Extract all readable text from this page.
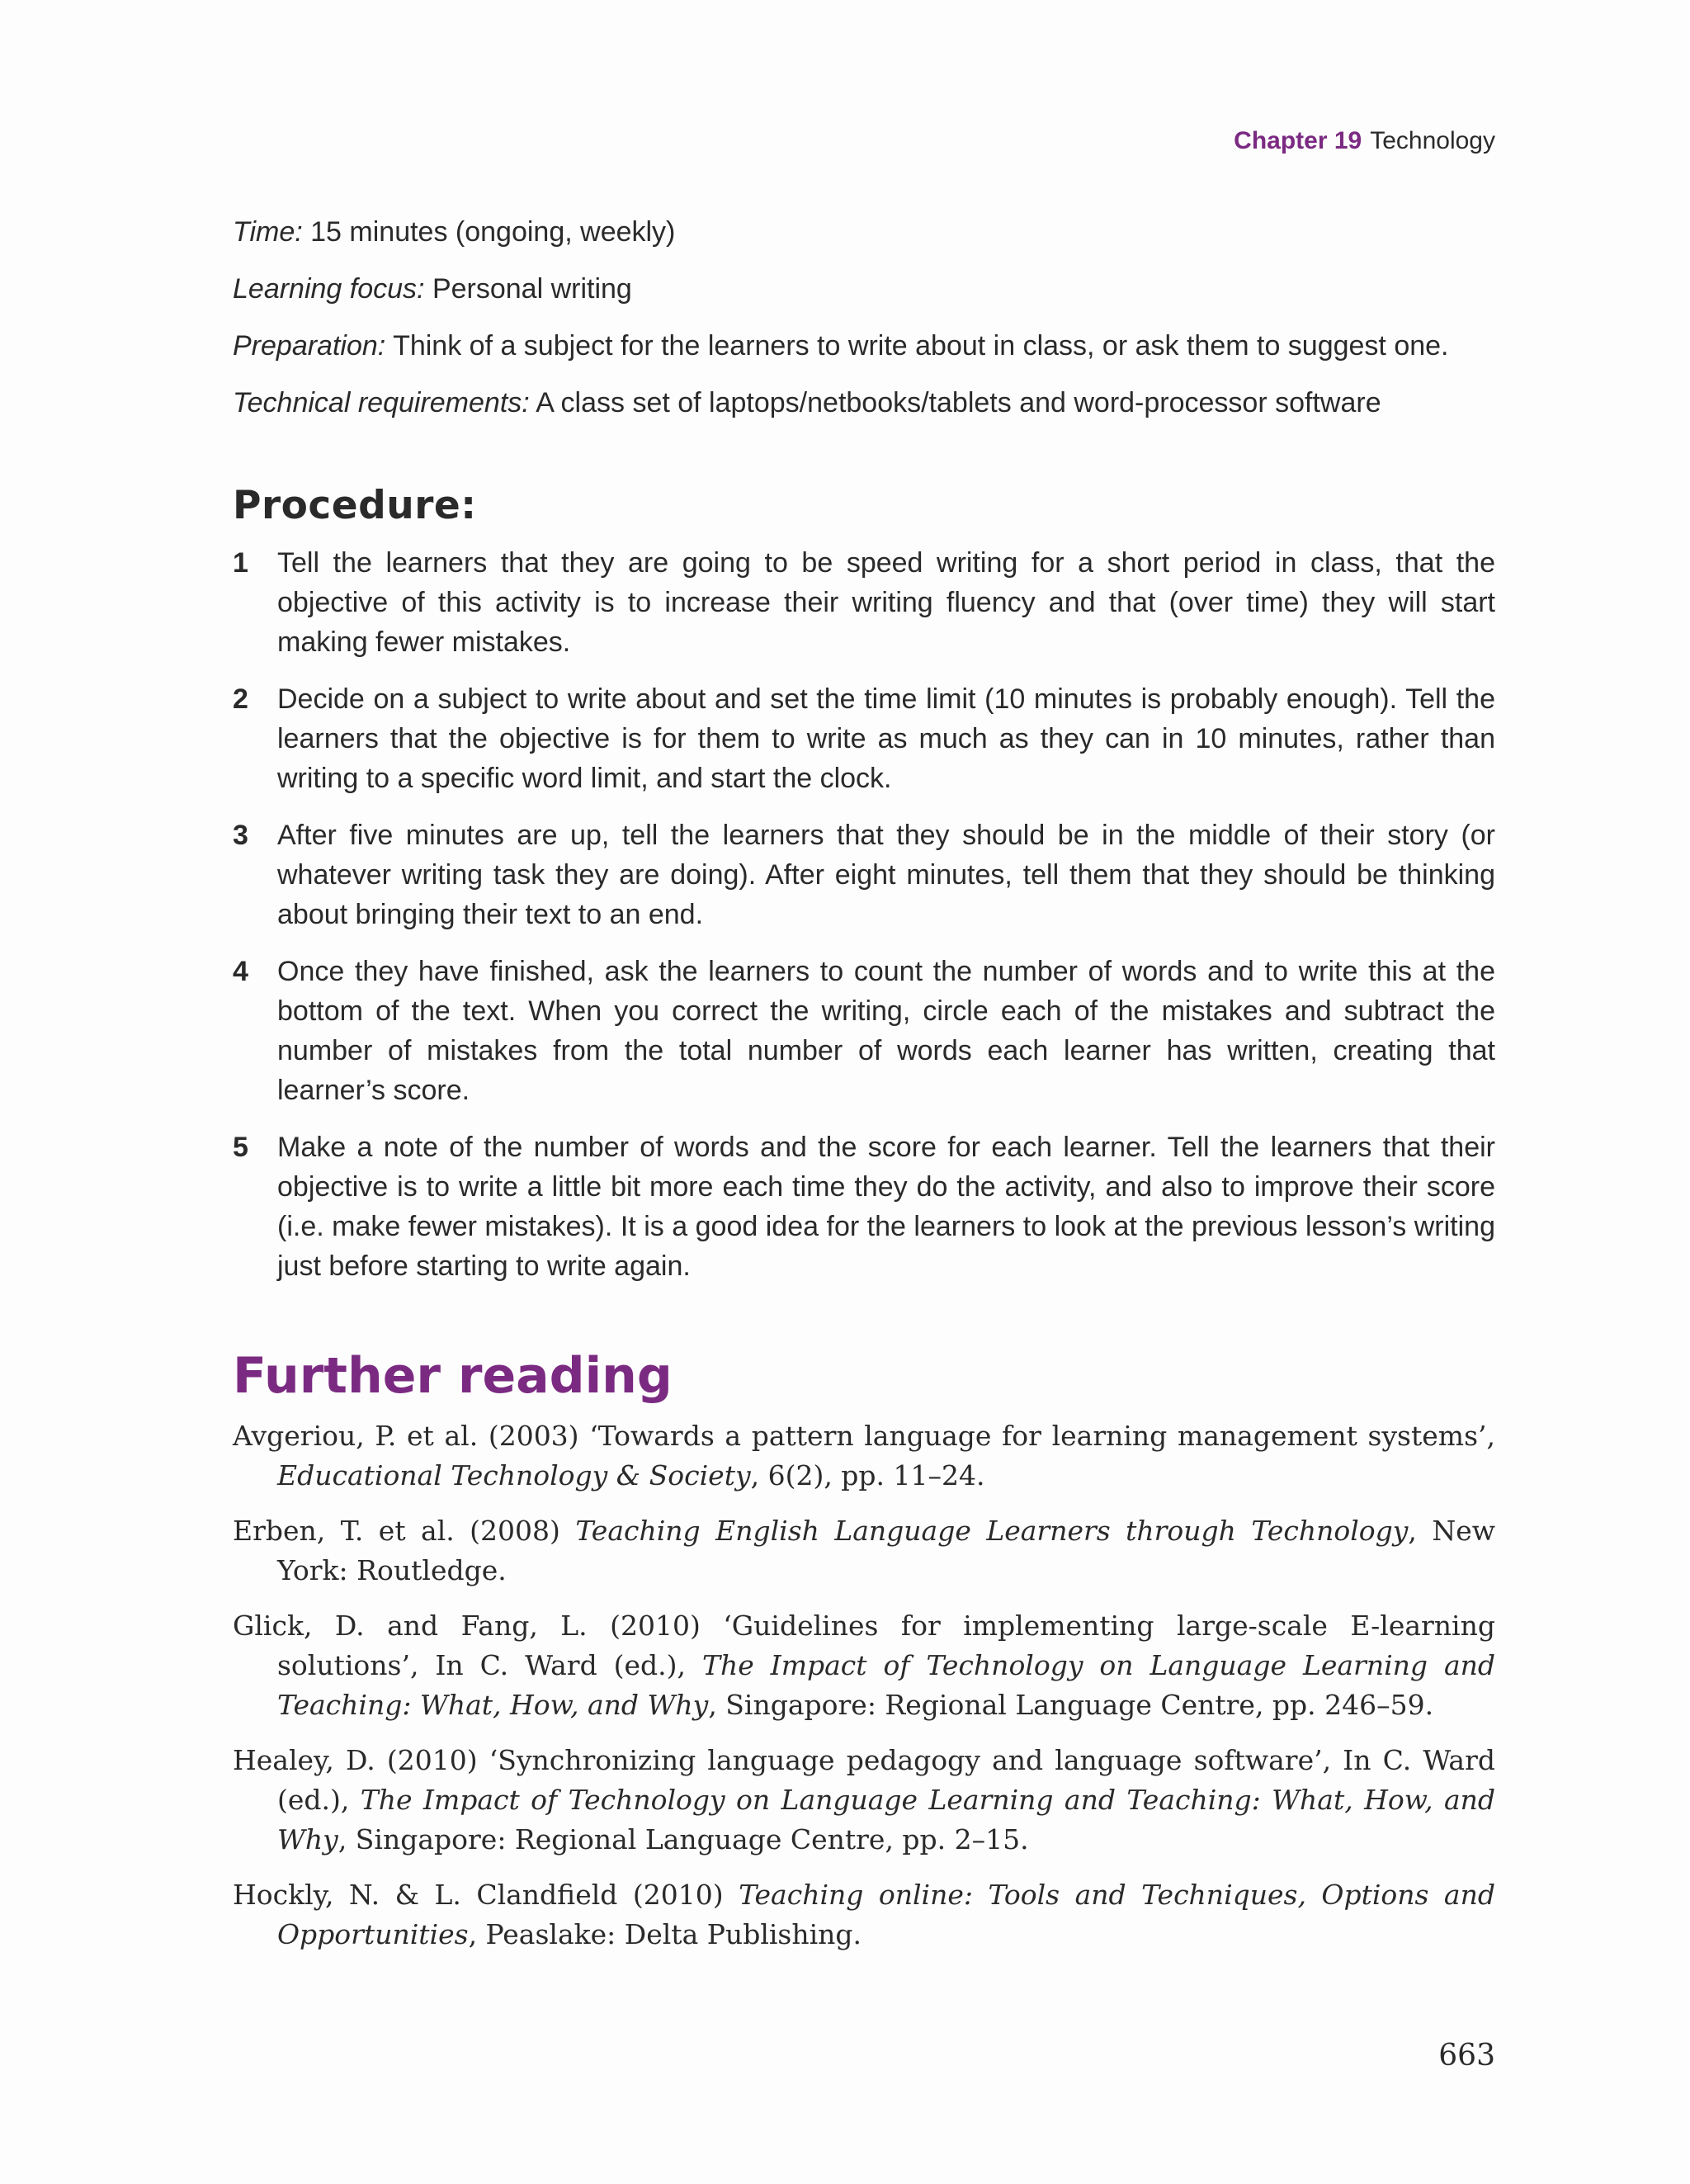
Chapter 19 Technology

Time: 15 minutes (ongoing, weekly)

Learning focus: Personal writing

Preparation: Think of a subject for the learners to write about in class, or ask them to suggest one.

Technical requirements: A class set of laptops/netbooks/tablets and word-processor software

Procedure:
1 Tell the learners that they are going to be speed writing for a short period in class, that the objective of this activity is to increase their writing fluency and that (over time) they will start making fewer mistakes.
2 Decide on a subject to write about and set the time limit (10 minutes is probably enough). Tell the learners that the objective is for them to write as much as they can in 10 minutes, rather than writing to a specific word limit, and start the clock.
3 After five minutes are up, tell the learners that they should be in the middle of their story (or whatever writing task they are doing). After eight minutes, tell them that they should be thinking about bringing their text to an end.
4 Once they have finished, ask the learners to count the number of words and to write this at the bottom of the text. When you correct the writing, circle each of the mistakes and subtract the number of mistakes from the total number of words each learner has written, creating that learner’s score.
5 Make a note of the number of words and the score for each learner. Tell the learners that their objective is to write a little bit more each time they do the activity, and also to improve their score (i.e. make fewer mistakes). It is a good idea for the learners to look at the previous lesson’s writing just before starting to write again.
Further reading

Avgeriou, P. et al. (2003) ‘Towards a pattern language for learning management systems’, Educational Technology & Society, 6(2), pp. 11–24.

Erben, T. et al. (2008) Teaching English Language Learners through Technology, New York: Routledge.

Glick, D. and Fang, L. (2010) ‘Guidelines for implementing large-scale E-learning solutions’, In C. Ward (ed.), The Impact of Technology on Language Learning and Teaching: What, How, and Why, Singapore: Regional Language Centre, pp. 246–59.

Healey, D. (2010) ‘Synchronizing language pedagogy and language software’, In C. Ward (ed.), The Impact of Technology on Language Learning and Teaching: What, How, and Why, Singapore: Regional Language Centre, pp. 2–15.

Hockly, N. & L. Clandfield (2010) Teaching online: Tools and Techniques, Options and Opportunities, Peaslake: Delta Publishing.

663
